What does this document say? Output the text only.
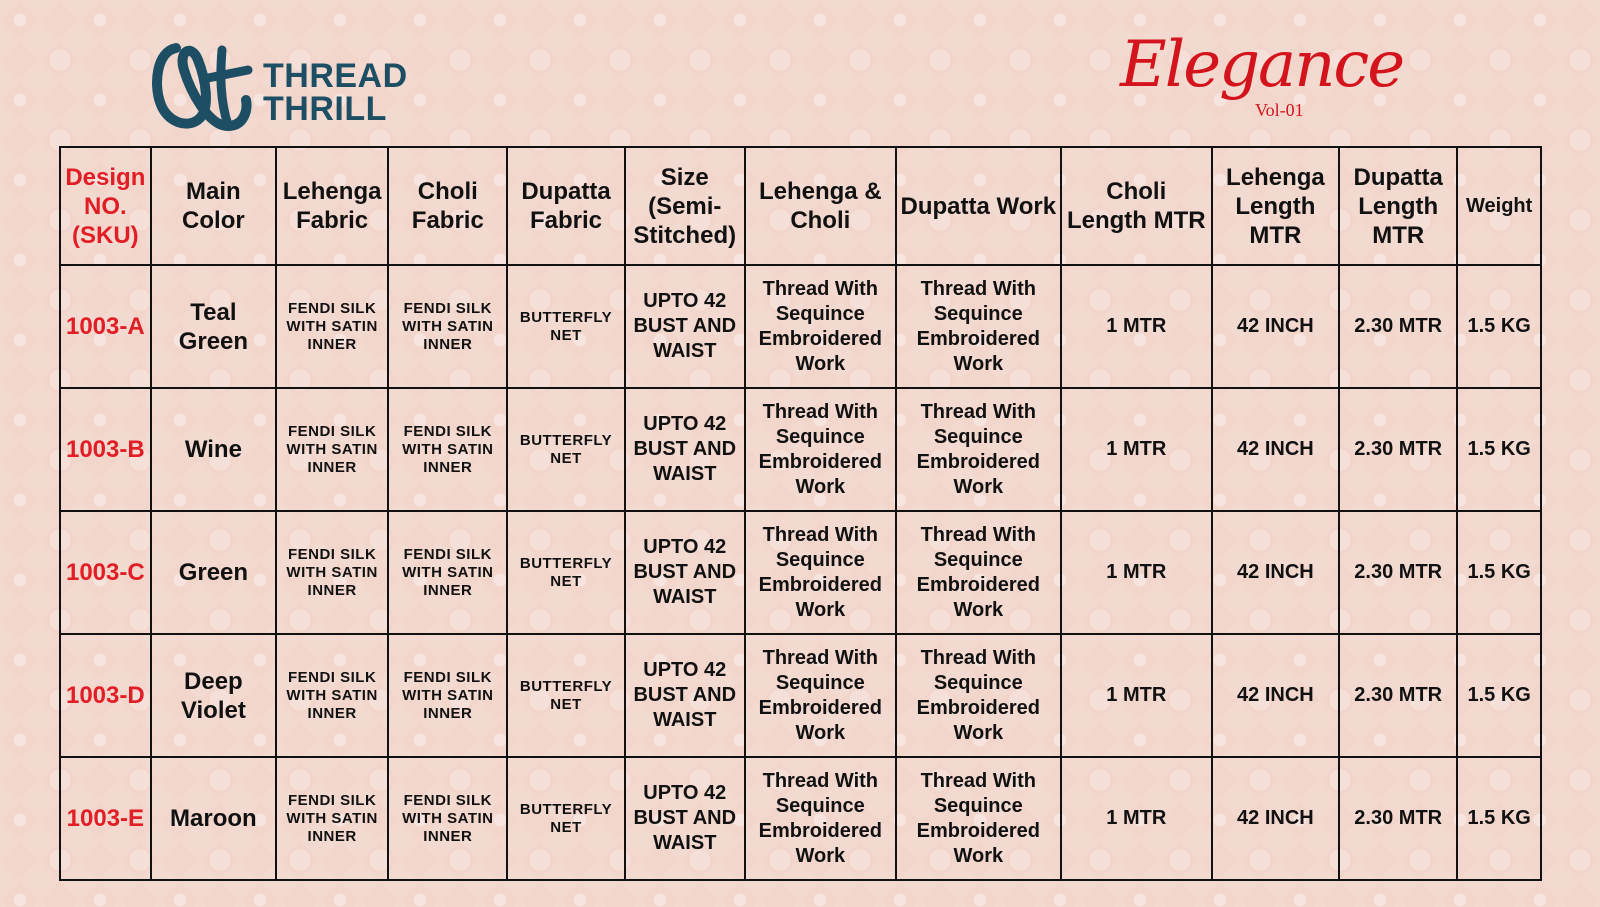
THREAD
THRILL
Elegance
Vol-01
Design NO. (SKU)	Main Color	Lehenga Fabric	Choli Fabric	Dupatta Fabric	Size (Semi-Stitched)	Lehenga & Choli	Dupatta Work	Choli Length MTR	Lehenga Length MTR	Dupatta Length MTR	Weight
1003-A	Teal Green	FENDI SILK WITH SATIN INNER	FENDI SILK WITH SATIN INNER	BUTTERFLY NET	UPTO 42 BUST AND WAIST	Thread With Sequince Embroidered Work	Thread With Sequince Embroidered Work	1 MTR	42 INCH	2.30 MTR	1.5 KG
1003-B	Wine	FENDI SILK WITH SATIN INNER	FENDI SILK WITH SATIN INNER	BUTTERFLY NET	UPTO 42 BUST AND WAIST	Thread With Sequince Embroidered Work	Thread With Sequince Embroidered Work	1 MTR	42 INCH	2.30 MTR	1.5 KG
1003-C	Green	FENDI SILK WITH SATIN INNER	FENDI SILK WITH SATIN INNER	BUTTERFLY NET	UPTO 42 BUST AND WAIST	Thread With Sequince Embroidered Work	Thread With Sequince Embroidered Work	1 MTR	42 INCH	2.30 MTR	1.5 KG
1003-D	Deep Violet	FENDI SILK WITH SATIN INNER	FENDI SILK WITH SATIN INNER	BUTTERFLY NET	UPTO 42 BUST AND WAIST	Thread With Sequince Embroidered Work	Thread With Sequince Embroidered Work	1 MTR	42 INCH	2.30 MTR	1.5 KG
1003-E	Maroon	FENDI SILK WITH SATIN INNER	FENDI SILK WITH SATIN INNER	BUTTERFLY NET	UPTO 42 BUST AND WAIST	Thread With Sequince Embroidered Work	Thread With Sequince Embroidered Work	1 MTR	42 INCH	2.30 MTR	1.5 KG
